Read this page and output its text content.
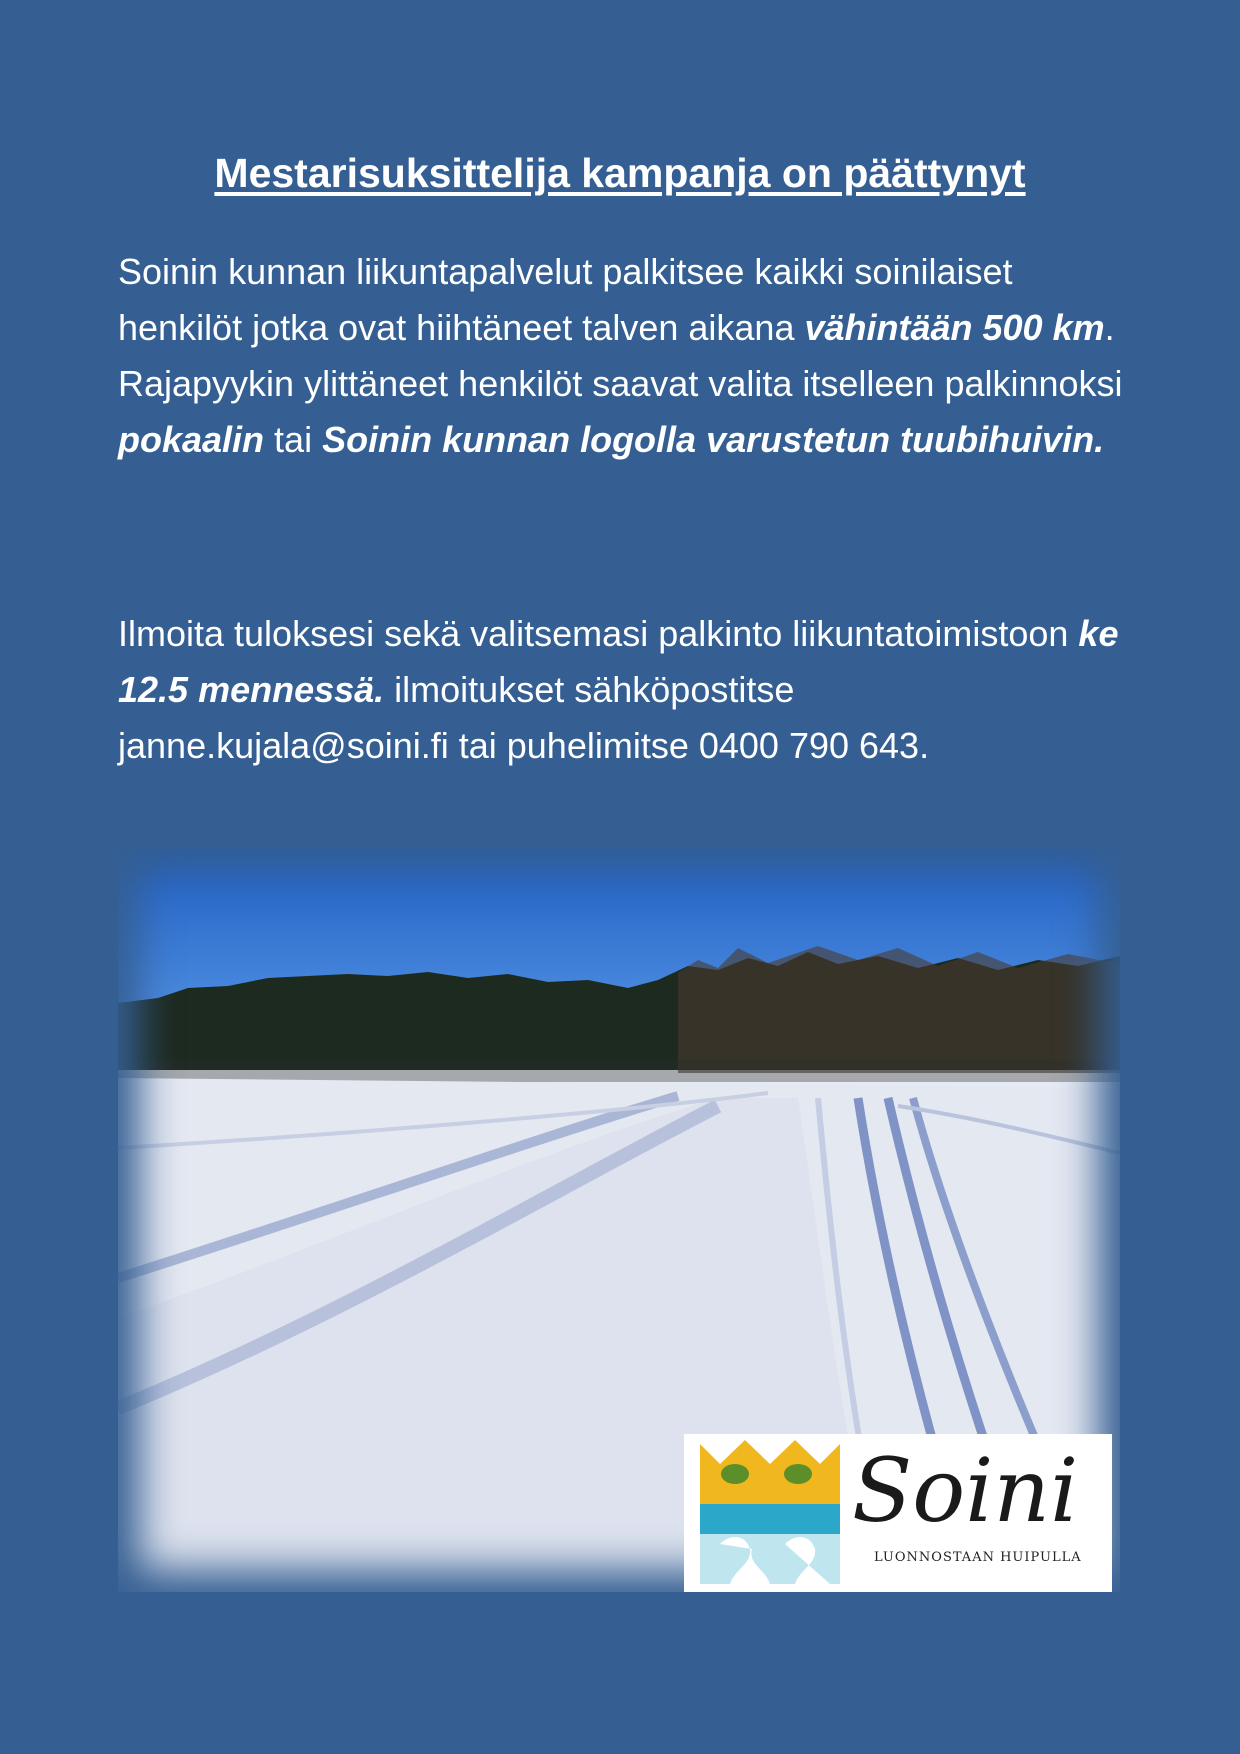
Mestarisuksittelija kampanja on päättynyt

Soinin kunnan liikuntapalvelut palkitsee kaikki soinilaiset henkilöt jotka ovat hiihtäneet talven aikana vähintään 500 km. Rajapyykin ylittäneet henkilöt saavat valita itselleen palkinnoksi pokaalin tai Soinin kunnan logolla varustetun tuubihuivin.

Ilmoita tuloksesi sekä valitsemasi palkinto liikuntatoimistoon ke 12.5 mennessä. ilmoitukset sähköpostitse janne.kujala@soini.fi tai puhelimitse 0400 790 643.

Soini
LUONNOSTAAN HUIPULLA
